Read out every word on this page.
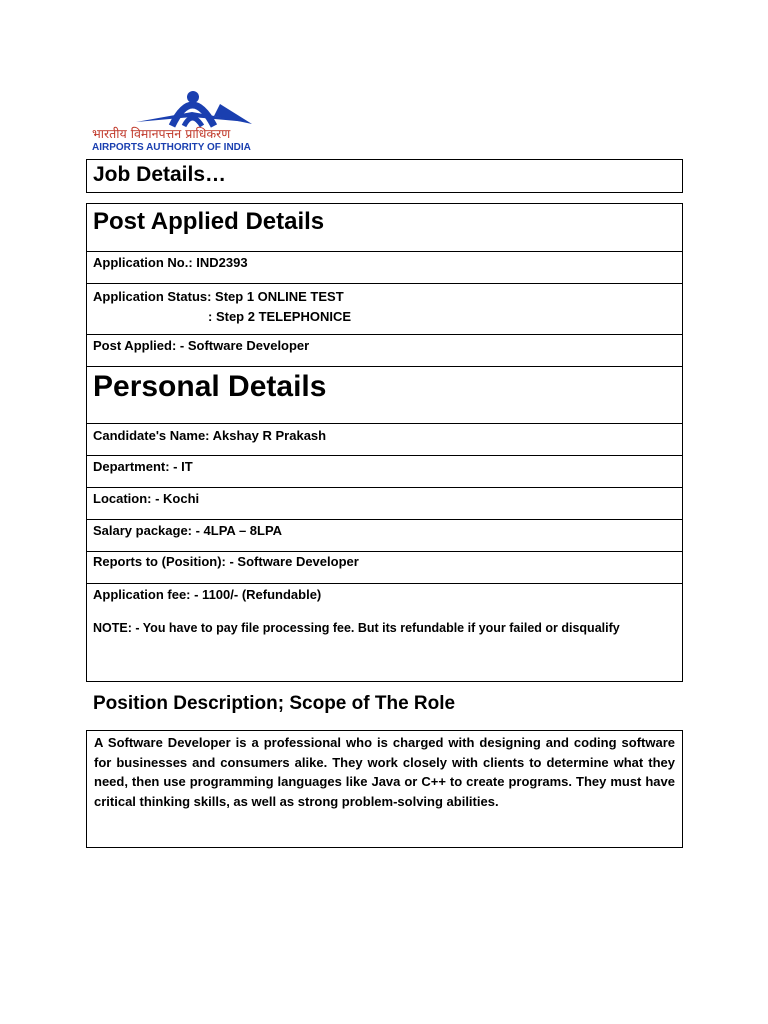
भारतीय विमानपत्तन प्राधिकरण
AIRPORTS AUTHORITY OF INDIA
Job Details…
Post Applied Details
Application No.: IND2393
Application Status: Step 1 ONLINE TEST
: Step 2 TELEPHONICE
Post Applied: - Software Developer
Personal Details
Candidate's Name: Akshay R Prakash
Department: - IT
Location: - Kochi
Salary package: - 4LPA – 8LPA
Reports to (Position): - Software Developer
Application fee: - 1100/- (Refundable)
NOTE: - You have to pay file processing fee. But its refundable if your failed or disqualify
Position Description; Scope of The Role
A Software Developer is a professional who is charged with designing and coding software for businesses and consumers alike. They work closely with clients to determine what they need, then use programming languages like Java or C++ to create programs. They must have critical thinking skills, as well as strong problem-solving abilities.
